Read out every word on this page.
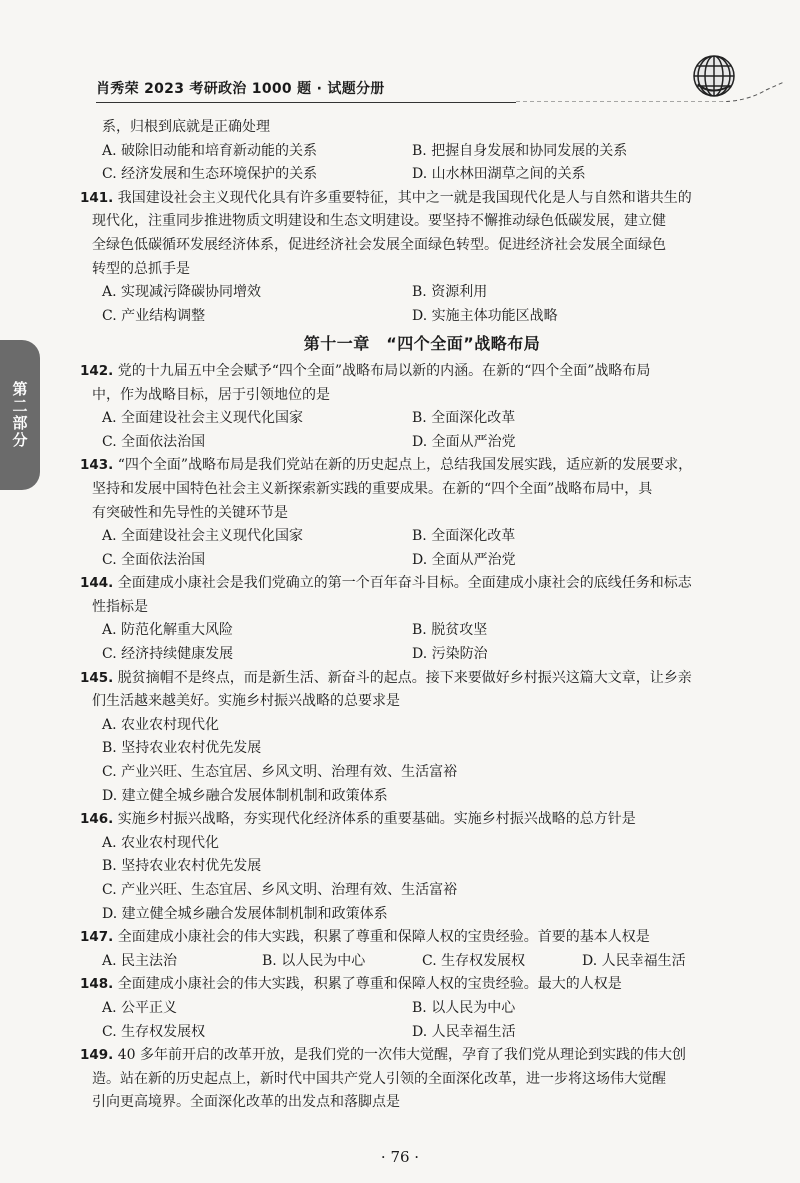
肖秀荣 2023 考研政治 1000 题 · 试题分册
第二部分
系，归根到底就是正确处理
A. 破除旧动能和培育新动能的关系	B. 把握自身发展和协同发展的关系
C. 经济发展和生态环境保护的关系	D. 山水林田湖草之间的关系
141. 我国建设社会主义现代化具有许多重要特征，其中之一就是我国现代化是人与自然和谐共生的
现代化，注重同步推进物质文明建设和生态文明建设。要坚持不懈推动绿色低碳发展，建立健
全绿色低碳循环发展经济体系，促进经济社会发展全面绿色转型。促进经济社会发展全面绿色
转型的总抓手是
A. 实现减污降碳协同增效	B. 资源利用
C. 产业结构调整	D. 实施主体功能区战略
第十一章　“四个全面”战略布局
142. 党的十九届五中全会赋予“四个全面”战略布局以新的内涵。在新的“四个全面”战略布局
中，作为战略目标，居于引领地位的是
A. 全面建设社会主义现代化国家	B. 全面深化改革
C. 全面依法治国	D. 全面从严治党
143. “四个全面”战略布局是我们党站在新的历史起点上，总结我国发展实践，适应新的发展要求，
坚持和发展中国特色社会主义新探索新实践的重要成果。在新的“四个全面”战略布局中，具
有突破性和先导性的关键环节是
A. 全面建设社会主义现代化国家	B. 全面深化改革
C. 全面依法治国	D. 全面从严治党
144. 全面建成小康社会是我们党确立的第一个百年奋斗目标。全面建成小康社会的底线任务和标志
性指标是
A. 防范化解重大风险	B. 脱贫攻坚
C. 经济持续健康发展	D. 污染防治
145. 脱贫摘帽不是终点，而是新生活、新奋斗的起点。接下来要做好乡村振兴这篇大文章，让乡亲
们生活越来越美好。实施乡村振兴战略的总要求是
A. 农业农村现代化
B. 坚持农业农村优先发展
C. 产业兴旺、生态宜居、乡风文明、治理有效、生活富裕
D. 建立健全城乡融合发展体制机制和政策体系
146. 实施乡村振兴战略，夯实现代化经济体系的重要基础。实施乡村振兴战略的总方针是
A. 农业农村现代化
B. 坚持农业农村优先发展
C. 产业兴旺、生态宜居、乡风文明、治理有效、生活富裕
D. 建立健全城乡融合发展体制机制和政策体系
147. 全面建成小康社会的伟大实践，积累了尊重和保障人权的宝贵经验。首要的基本人权是
A. 民主法治	B. 以人民为中心	C. 生存权发展权	D. 人民幸福生活
148. 全面建成小康社会的伟大实践，积累了尊重和保障人权的宝贵经验。最大的人权是
A. 公平正义	B. 以人民为中心
C. 生存权发展权	D. 人民幸福生活
149. 40 多年前开启的改革开放，是我们党的一次伟大觉醒，孕育了我们党从理论到实践的伟大创
造。站在新的历史起点上，新时代中国共产党人引领的全面深化改革，进一步将这场伟大觉醒
引向更高境界。全面深化改革的出发点和落脚点是
· 76 ·
